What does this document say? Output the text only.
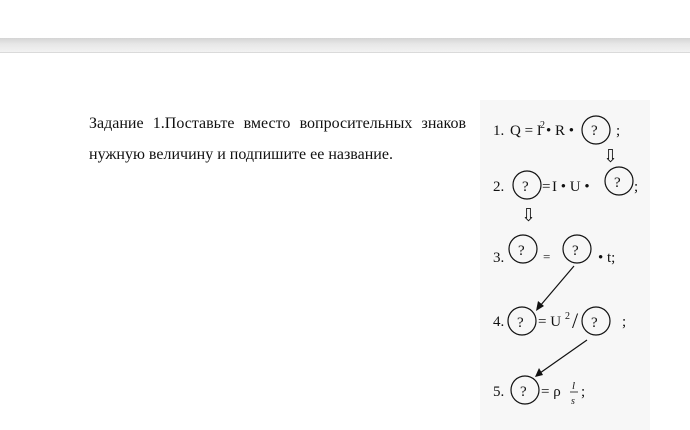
Задание 1.Поставьте вместо вопросительных знаков нужную величину и подпишите ее название.

1. Q = I
2 • R • ? ;
⇩
2. ? = I • U • ? ;
⇩
3. ? = ? • t;
4. ? = U 2 / ? ;
5. ? = ρ l
s
;
